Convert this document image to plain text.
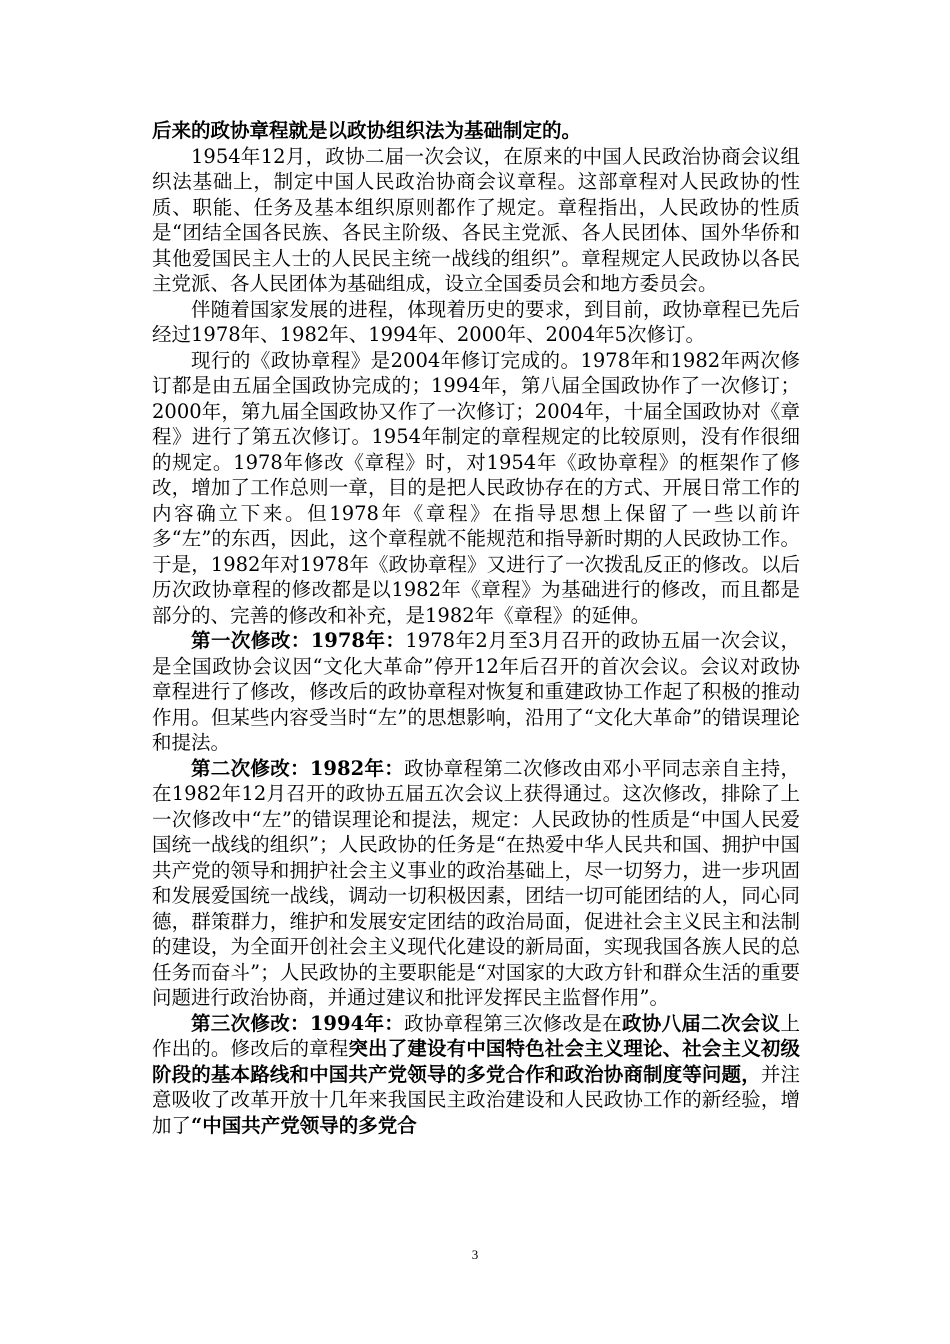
后来的政协章程就是以政协组织法为基础制定的。

1954年12月，政协二届一次会议，在原来的中国人民政治协商会议组织法基础上，制定中国人民政治协商会议章程。这部章程对人民政协的性质、职能、任务及基本组织原则都作了规定。章程指出，人民政协的性质是“团结全国各民族、各民主阶级、各民主党派、各人民团体、国外华侨和其他爱国民主人士的人民民主统一战线的组织”。章程规定人民政协以各民主党派、各人民团体为基础组成，设立全国委员会和地方委员会。

伴随着国家发展的进程，体现着历史的要求，到目前，政协章程已先后经过1978年、1982年、1994年、2000年、2004年5次修订。

现行的《政协章程》是2004年修订完成的。1978年和1982年两次修订都是由五届全国政协完成的；1994年，第八届全国政协作了一次修订；2000年，第九届全国政协又作了一次修订；2004年，十届全国政协对《章程》进行了第五次修订。1954年制定的章程规定的比较原则，没有作很细的规定。1978年修改《章程》时，对1954年《政协章程》的框架作了修改，增加了工作总则一章，目的是把人民政协存在的方式、开展日常工作的内容确立下来。但1978年《章程》在指导思想上保留了一些以前许多“左”的东西，因此，这个章程就不能规范和指导新时期的人民政协工作。于是，1982年对1978年《政协章程》又进行了一次拨乱反正的修改。以后历次政协章程的修改都是以1982年《章程》为基础进行的修改，而且都是部分的、完善的修改和补充，是1982年《章程》的延伸。

第一次修改：1978年：1978年2月至3月召开的政协五届一次会议，是全国政协会议因“文化大革命”停开12年后召开的首次会议。会议对政协章程进行了修改，修改后的政协章程对恢复和重建政协工作起了积极的推动作用。但某些内容受当时“左”的思想影响，沿用了“文化大革命”的错误理论和提法。

第二次修改：1982年：政协章程第二次修改由邓小平同志亲自主持，在1982年12月召开的政协五届五次会议上获得通过。这次修改，排除了上一次修改中“左”的错误理论和提法，规定：人民政协的性质是“中国人民爱国统一战线的组织”；人民政协的任务是“在热爱中华人民共和国、拥护中国共产党的领导和拥护社会主义事业的政治基础上，尽一切努力，进一步巩固和发展爱国统一战线，调动一切积极因素，团结一切可能团结的人，同心同德，群策群力，维护和发展安定团结的政治局面，促进社会主义民主和法制的建设，为全面开创社会主义现代化建设的新局面，实现我国各族人民的总任务而奋斗”；人民政协的主要职能是“对国家的大政方针和群众生活的重要问题进行政治协商，并通过建议和批评发挥民主监督作用”。

第三次修改：1994年：政协章程第三次修改是在政协八届二次会议上作出的。修改后的章程突出了建设有中国特色社会主义理论、社会主义初级阶段的基本路线和中国共产党领导的多党合作和政治协商制度等问题，并注意吸收了改革开放十几年来我国民主政治建设和人民政协工作的新经验，增加了“中国共产党领导的多党合

3
